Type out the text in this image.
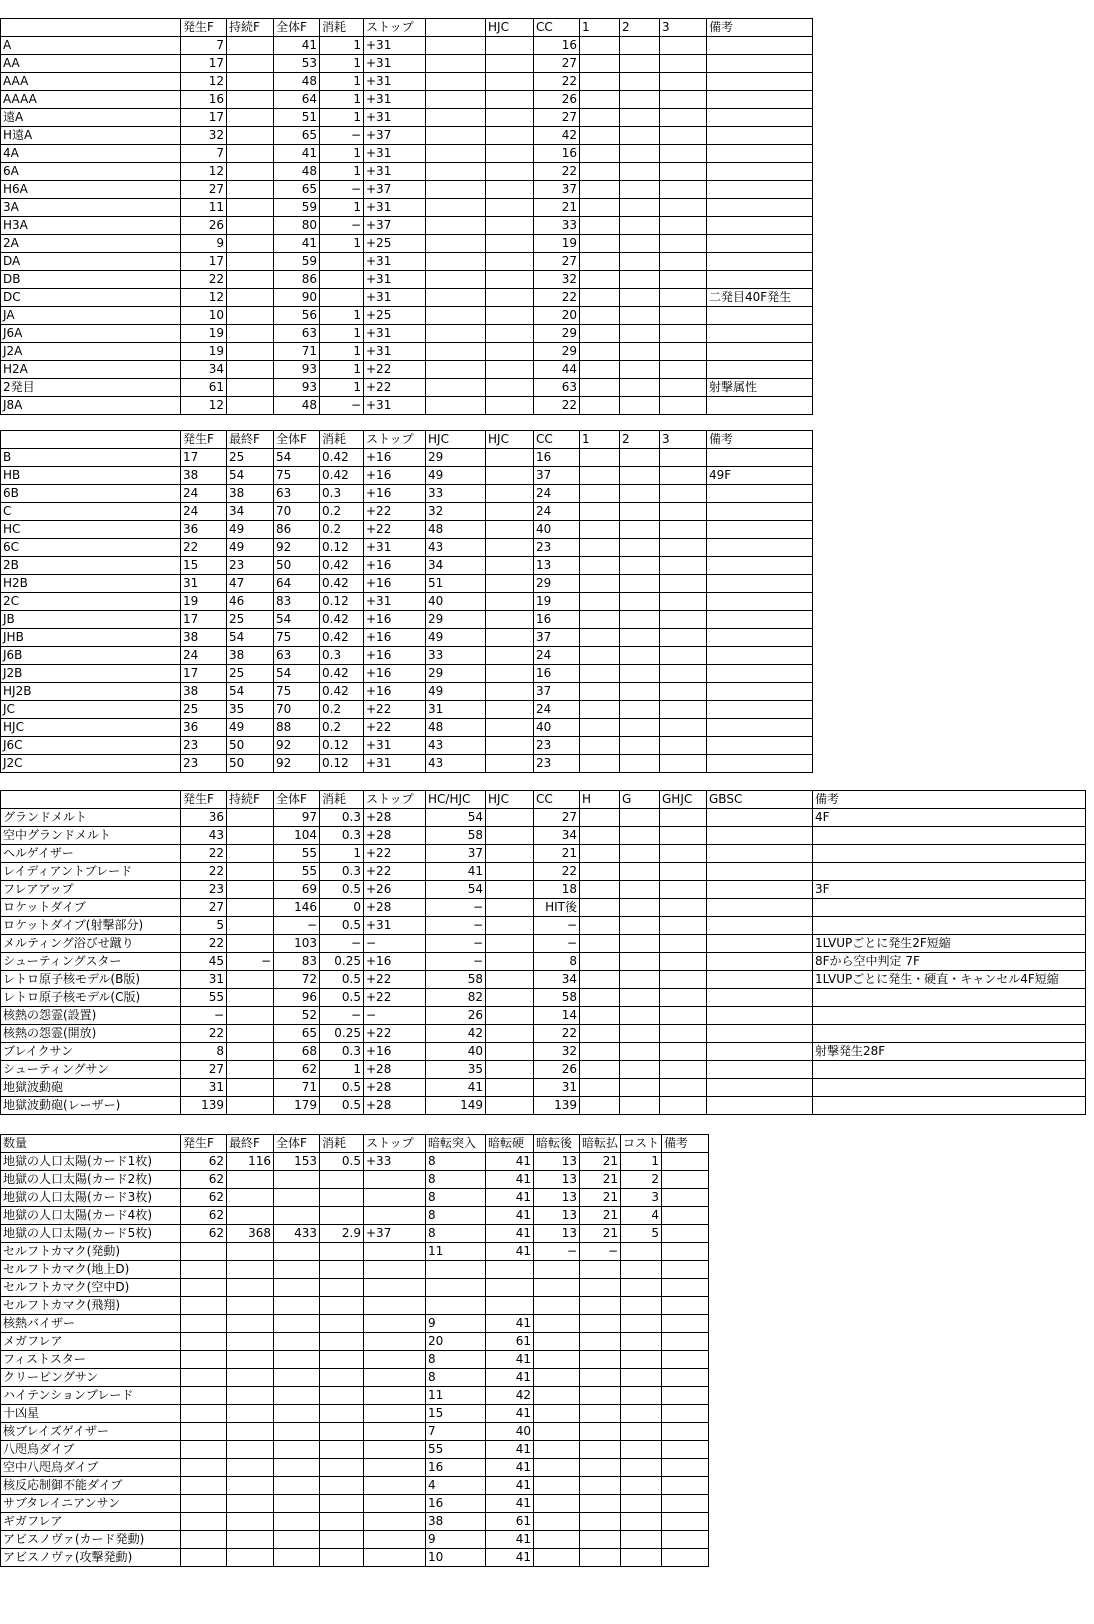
	発生F	持続F	全体F	消耗	ストップ		HJC	CC	1	2	3	備考
A	7		41	1	+31			16				
AA	17		53	1	+31			27				
AAA	12		48	1	+31			22				
AAAA	16		64	1	+31			26				
遠A	17		51	1	+31			27				
H遠A	32		65	−	+37			42				
4A	7		41	1	+31			16				
6A	12		48	1	+31			22				
H6A	27		65	−	+37			37				
3A	11		59	1	+31			21				
H3A	26		80	−	+37			33				
2A	9		41	1	+25			19				
DA	17		59		+31			27				
DB	22		86		+31			32				
DC	12		90		+31			22				二発目40F発生
JA	10		56	1	+25			20				
J6A	19		63	1	+31			29				
J2A	19		71	1	+31			29				
H2A	34		93	1	+22			44				
2発目	61		93	1	+22			63				射撃属性
J8A	12		48	−	+31			22				
	発生F	最終F	全体F	消耗	ストップ	HJC	HJC	CC	1	2	3	備考
B	17	25	54	0.42	+16	29		16				
HB	38	54	75	0.42	+16	49		37				49F
6B	24	38	63	0.3	+16	33		24				
C	24	34	70	0.2	+22	32		24				
HC	36	49	86	0.2	+22	48		40				
6C	22	49	92	0.12	+31	43		23				
2B	15	23	50	0.42	+16	34		13				
H2B	31	47	64	0.42	+16	51		29				
2C	19	46	83	0.12	+31	40		19				
JB	17	25	54	0.42	+16	29		16				
JHB	38	54	75	0.42	+16	49		37				
J6B	24	38	63	0.3	+16	33		24				
J2B	17	25	54	0.42	+16	29		16				
HJ2B	38	54	75	0.42	+16	49		37				
JC	25	35	70	0.2	+22	31		24				
HJC	36	49	88	0.2	+22	48		40				
J6C	23	50	92	0.12	+31	43		23				
J2C	23	50	92	0.12	+31	43		23				
	発生F	持続F	全体F	消耗	ストップ	HC/HJC	HJC	CC	H	G	GHJC	GBSC	備考
グランドメルト	36		97	0.3	+28	54		27					4F
空中グランドメルト	43		104	0.3	+28	58		34					
ヘルゲイザー	22		55	1	+22	37		21					
レイディアントブレード	22		55	0.3	+22	41		22					
フレアアップ	23		69	0.5	+26	54		18					3F
ロケットダイブ	27		146	0	+28	−		HIT後					
ロケットダイブ(射撃部分)	5		−	0.5	+31	−		−					
メルティング浴びせ蹴り	22		103	−	−	−		−					1LVUPごとに発生2F短縮
シューティングスター	45	−	83	0.25	+16	−		8					8Fから空中判定 7F
レトロ原子核モデル(B版)	31		72	0.5	+22	58		34					1LVUPごとに発生・硬直・キャンセル4F短縮
レトロ原子核モデル(C版)	55		96	0.5	+22	82		58					
核熱の怨霊(設置)	−		52	−	−	26		14					
核熱の怨霊(開放)	22		65	0.25	+22	42		22					
ブレイクサン	8		68	0.3	+16	40		32					射撃発生28F
シューティングサン	27		62	1	+28	35		26					
地獄波動砲	31		71	0.5	+28	41		31					
地獄波動砲(レーザー)	139		179	0.5	+28	149		139					
数量	発生F	最終F	全体F	消耗	ストップ	暗転突入	暗転硬	暗転後	暗転払	コスト	備考
地獄の人口太陽(カード1枚)	62	116	153	0.5	+33	8	41	13	21	1	
地獄の人口太陽(カード2枚)	62					8	41	13	21	2	
地獄の人口太陽(カード3枚)	62					8	41	13	21	3	
地獄の人口太陽(カード4枚)	62					8	41	13	21	4	
地獄の人口太陽(カード5枚)	62	368	433	2.9	+37	8	41	13	21	5	
セルフトカマク(発動)						11	41	−	−		
セルフトカマク(地上D)											
セルフトカマク(空中D)											
セルフトカマク(飛翔)											
核熱バイザー						9	41				
メガフレア						20	61				
フィストスター						8	41				
クリーピングサン						8	41				
ハイテンションブレード						11	42				
十凶星						15	41				
核ブレイズゲイザー						7	40				
八咫烏ダイブ						55	41				
空中八咫烏ダイブ						16	41				
核反応制御不能ダイブ						4	41				
サブタレイニアンサン						16	41				
ギガフレア						38	61				
アビスノヴァ(カード発動)						9	41				
アビスノヴァ(攻撃発動)						10	41				
